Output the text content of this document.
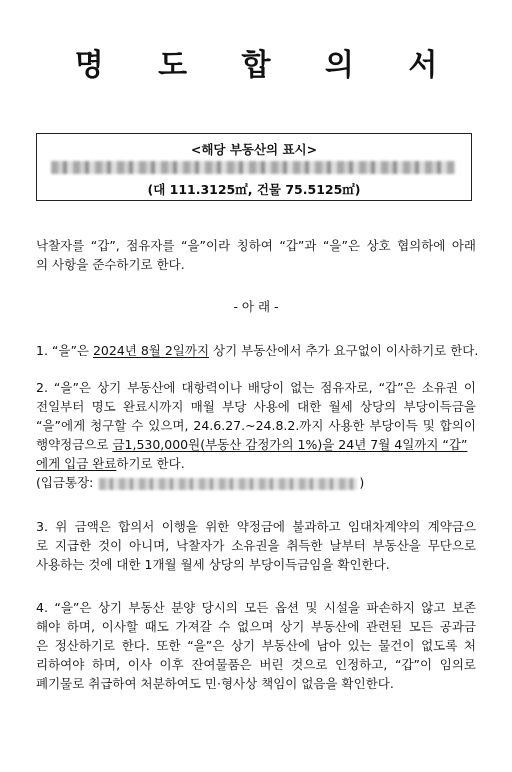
명 도 합 의 서
<해당 부동산의 표시>
(대 111.3125㎡, 건물 75.5125㎡)
낙찰자를 “갑”, 점유자를 “을”이라 칭하여 “갑”과 “을”은 상호 협의하에 아래
의 사항을 준수하기로 한다.
- 아 래 -
1. “을”은 2024년 8월 2일까지 상기 부동산에서 추가 요구없이 이사하기로 한다.
2. “을”은 상기 부동산에 대항력이나 배당이 없는 점유자로, “갑”은 소유권 이
전일부터 명도 완료시까지 매월 부당 사용에 대한 월세 상당의 부당이득금을
“을”에게 청구할 수 있으며, 24.6.27.~24.8.2.까지 사용한 부당이득 및 합의이
행약정금으로 금1,530,000원(부동산 감정가의 1%)을 24년 7월 4일까지 “갑”
에게 입금 완료하기로 한다.
(입금통장:	)
3. 위 금액은 합의서 이행을 위한 약정금에 불과하고 임대차계약의 계약금으
로 지급한 것이 아니며, 낙찰자가 소유권을 취득한 날부터 부동산을 무단으로
사용하는 것에 대한 1개월 월세 상당의 부당이득금임을 확인한다.
4. “을”은 상기 부동산 분양 당시의 모든 옵션 및 시설을 파손하지 않고 보존
해야 하며, 이사할 때도 가져갈 수 없으며 상기 부동산에 관련된 모든 공과금
은 정산하기로 한다. 또한 “을”은 상기 부동산에 남아 있는 물건이 없도록 처
리하여야 하며, 이사 이후 잔여물품은 버린 것으로 인정하고, “갑”이 임의로
폐기물로 취급하여 처분하여도 민·형사상 책임이 없음을 확인한다.
